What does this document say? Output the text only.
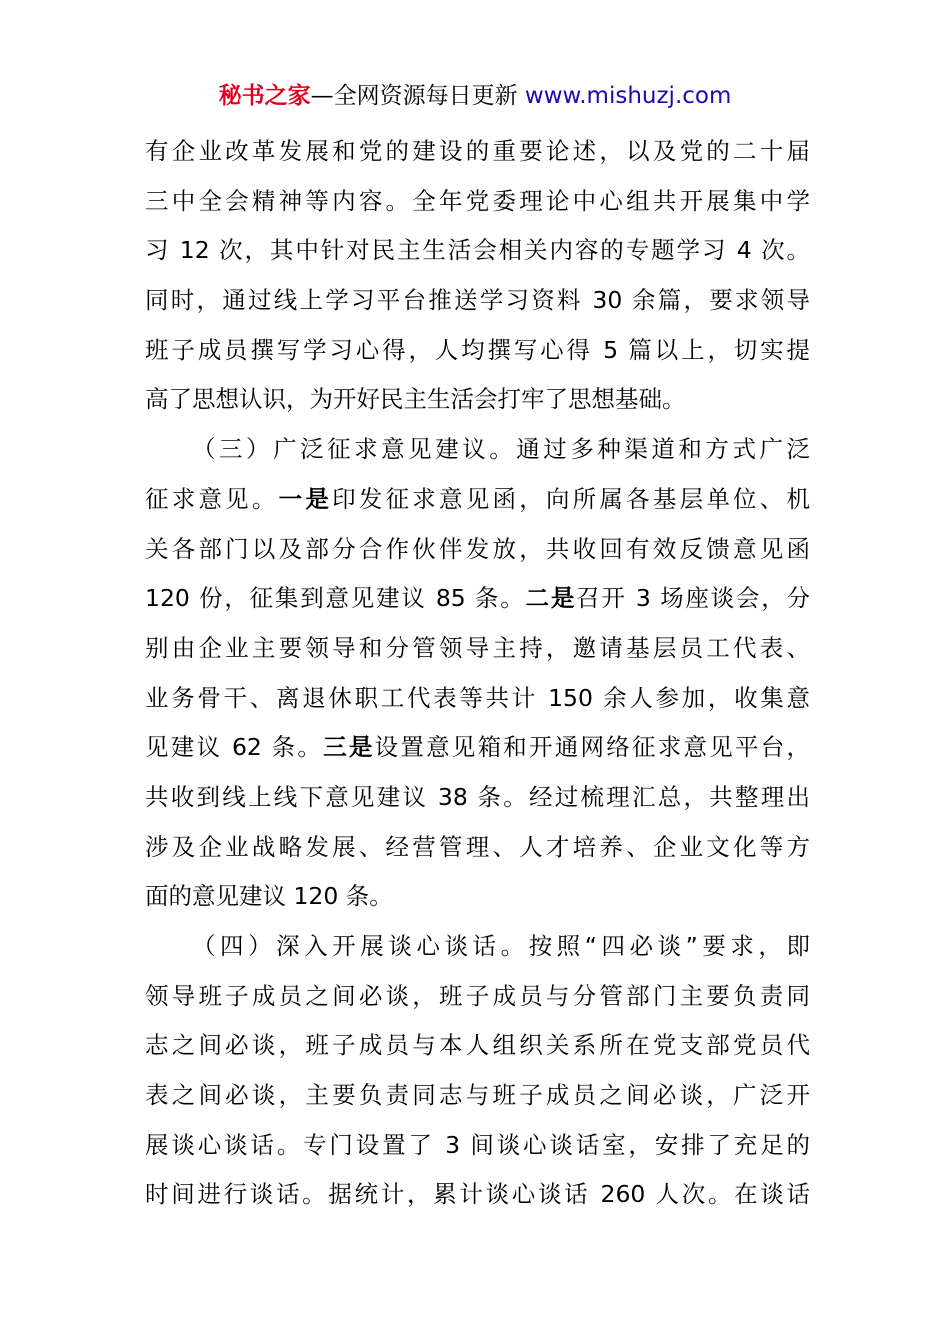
秘书之家—全网资源每日更新 www.mishuzj.com
有企业改革发展和党的建设的重要论述，以及党的二十届
三中全会精神等内容。全年党委理论中心组共开展集中学
习 12 次，其中针对民主生活会相关内容的专题学习 4 次。
同时，通过线上学习平台推送学习资料 30 余篇，要求领导
班子成员撰写学习心得，人均撰写心得 5 篇以上，切实提
高了思想认识，为开好民主生活会打牢了思想基础。
（三）广泛征求意见建议。通过多种渠道和方式广泛
征求意见。一是印发征求意见函，向所属各基层单位、机
关各部门以及部分合作伙伴发放，共收回有效反馈意见函
120 份，征集到意见建议 85 条。二是召开 3 场座谈会，分
别由企业主要领导和分管领导主持，邀请基层员工代表、
业务骨干、离退休职工代表等共计 150 余人参加，收集意
见建议 62 条。三是设置意见箱和开通网络征求意见平台，
共收到线上线下意见建议 38 条。经过梳理汇总，共整理出
涉及企业战略发展、经营管理、人才培养、企业文化等方
面的意见建议 120 条。
（四）深入开展谈心谈话。按照“四必谈”要求，即
领导班子成员之间必谈，班子成员与分管部门主要负责同
志之间必谈，班子成员与本人组织关系所在党支部党员代
表之间必谈，主要负责同志与班子成员之间必谈，广泛开
展谈心谈话。专门设置了 3 间谈心谈话室，安排了充足的
时间进行谈话。据统计，累计谈心谈话 260 人次。在谈话
